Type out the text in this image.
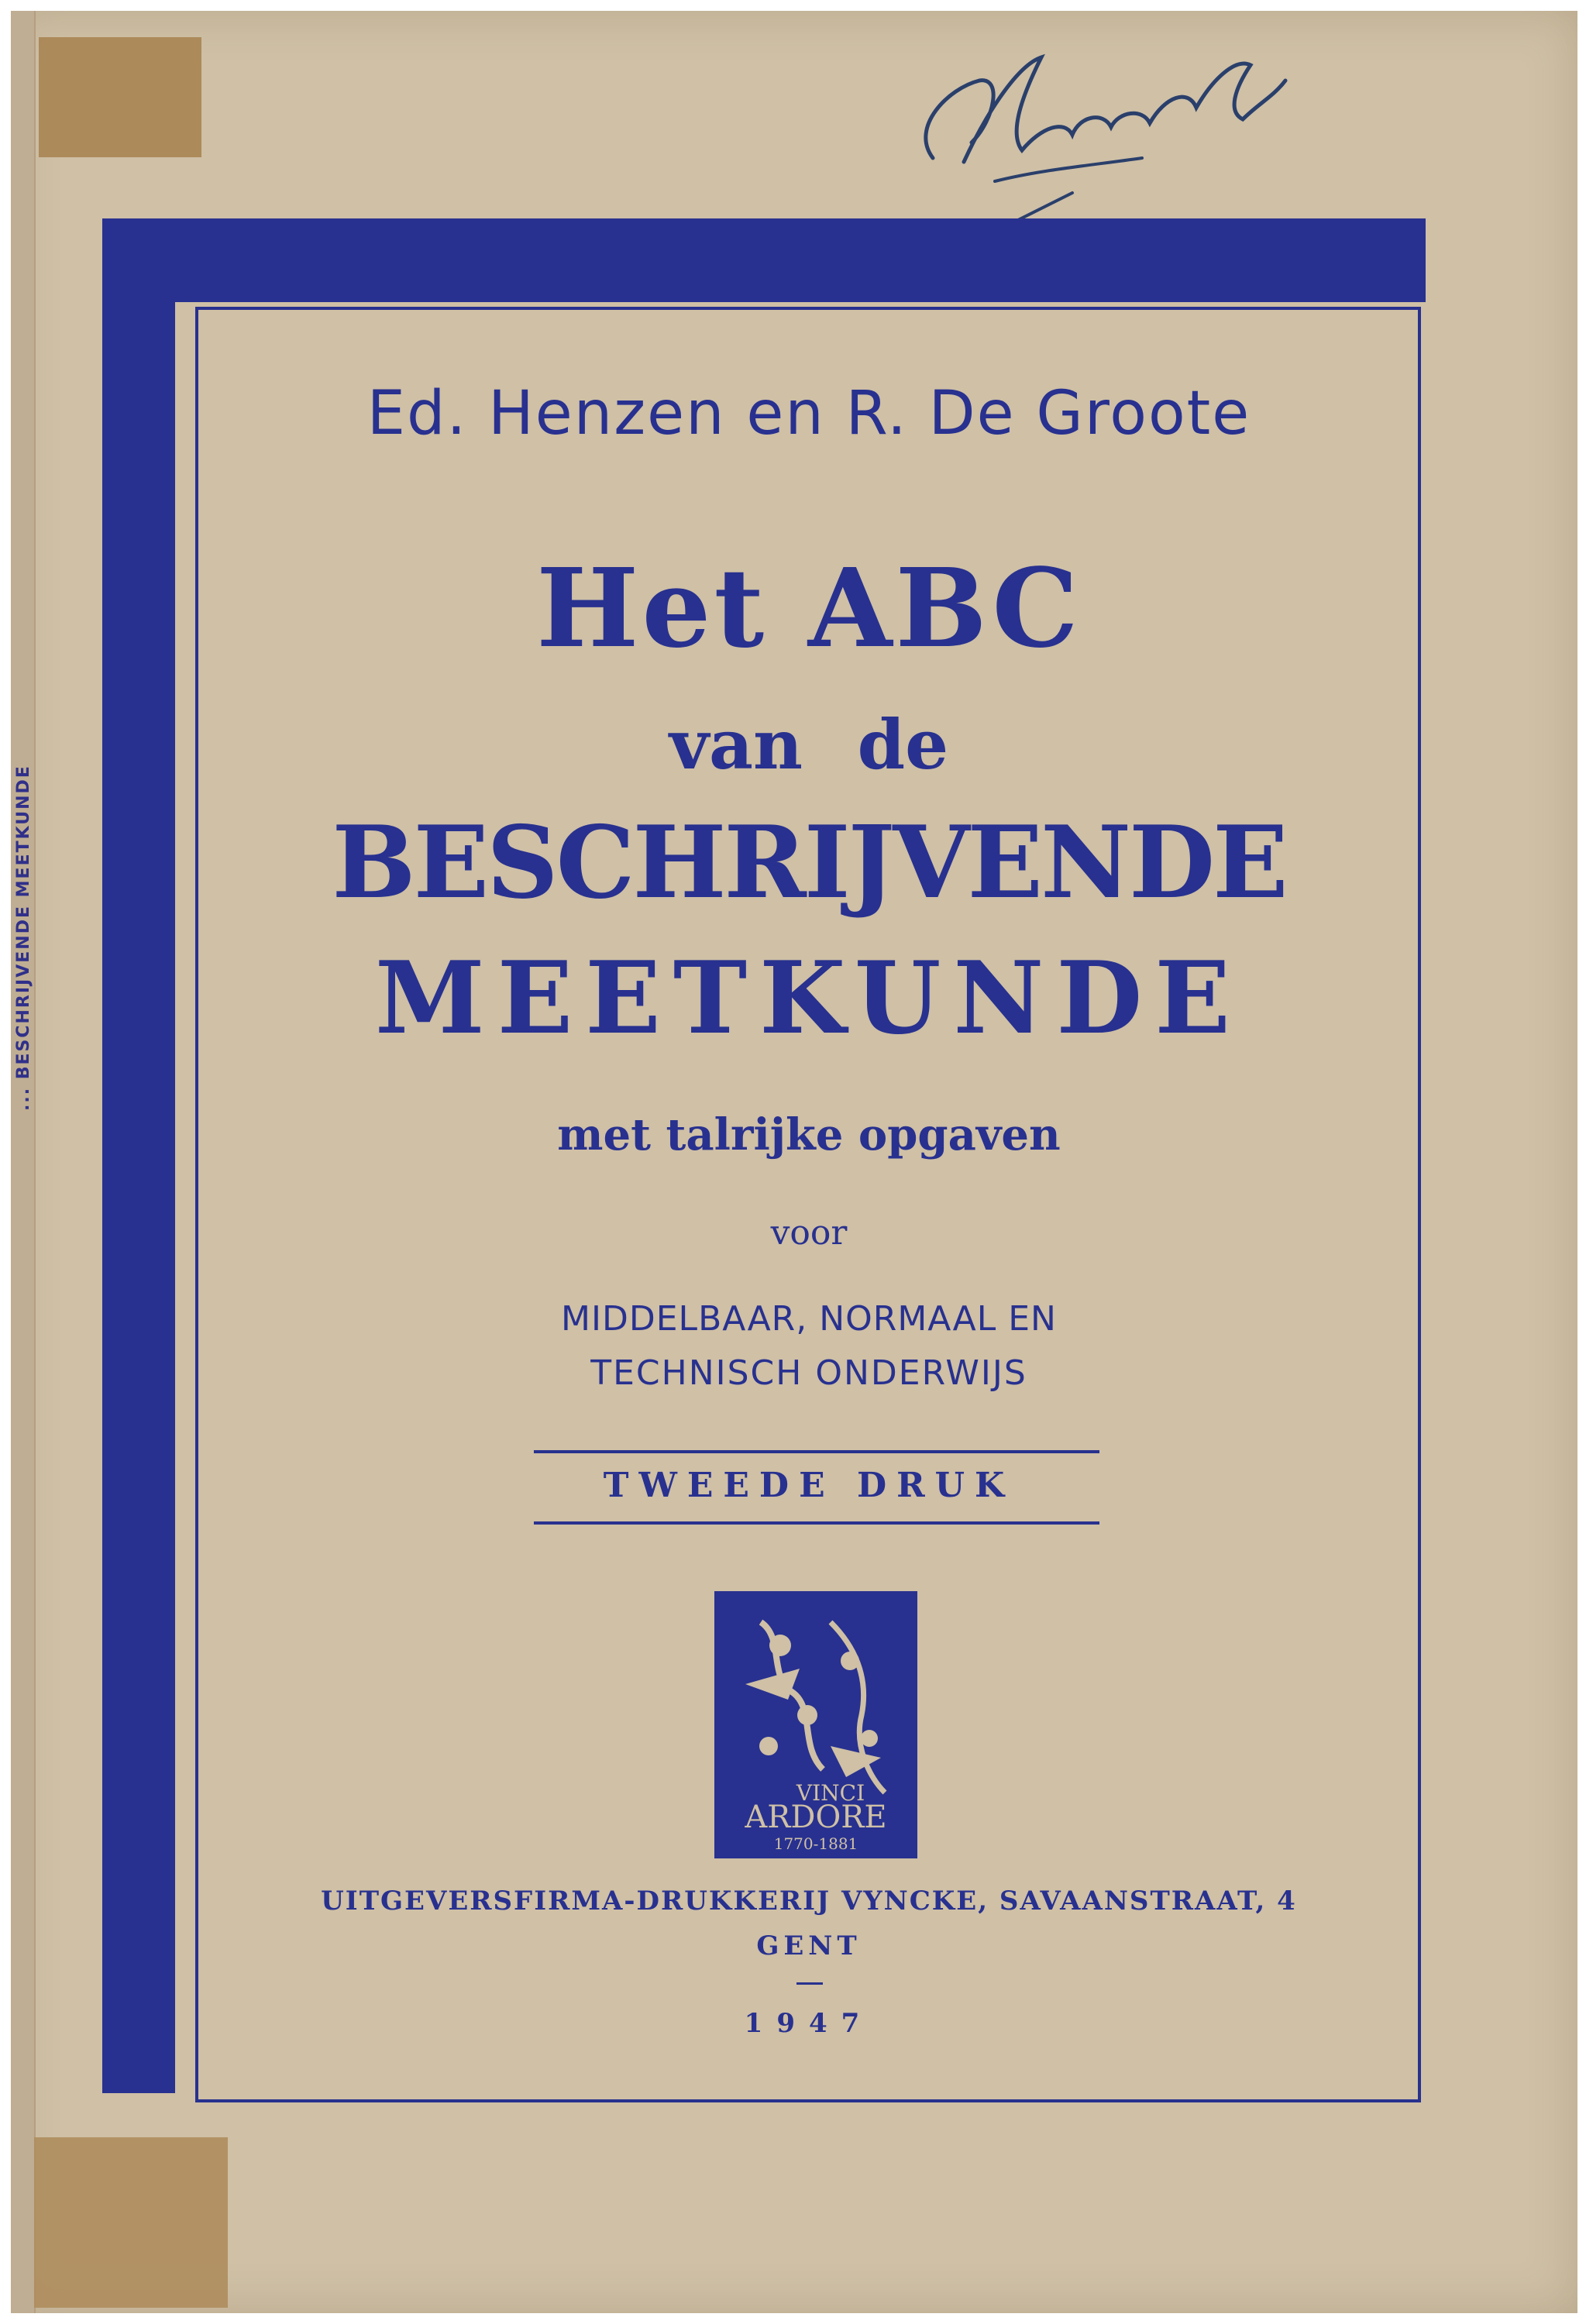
... BESCHRIJVENDE MEETKUNDE
Ed. Henzen en R. De Groote
Het ABC
van de
BESCHRIJVENDE
MEETKUNDE
met talrijke opgaven
voor
MIDDELBAAR, NORMAAL EN
TECHNISCH ONDERWIJS
TWEEDE DRUK
VINCI
ARDORE
1770-1881
UITGEVERSFIRMA-DRUKKERIJ VYNCKE, SAVAANSTRAAT, 4
GENT
1947
